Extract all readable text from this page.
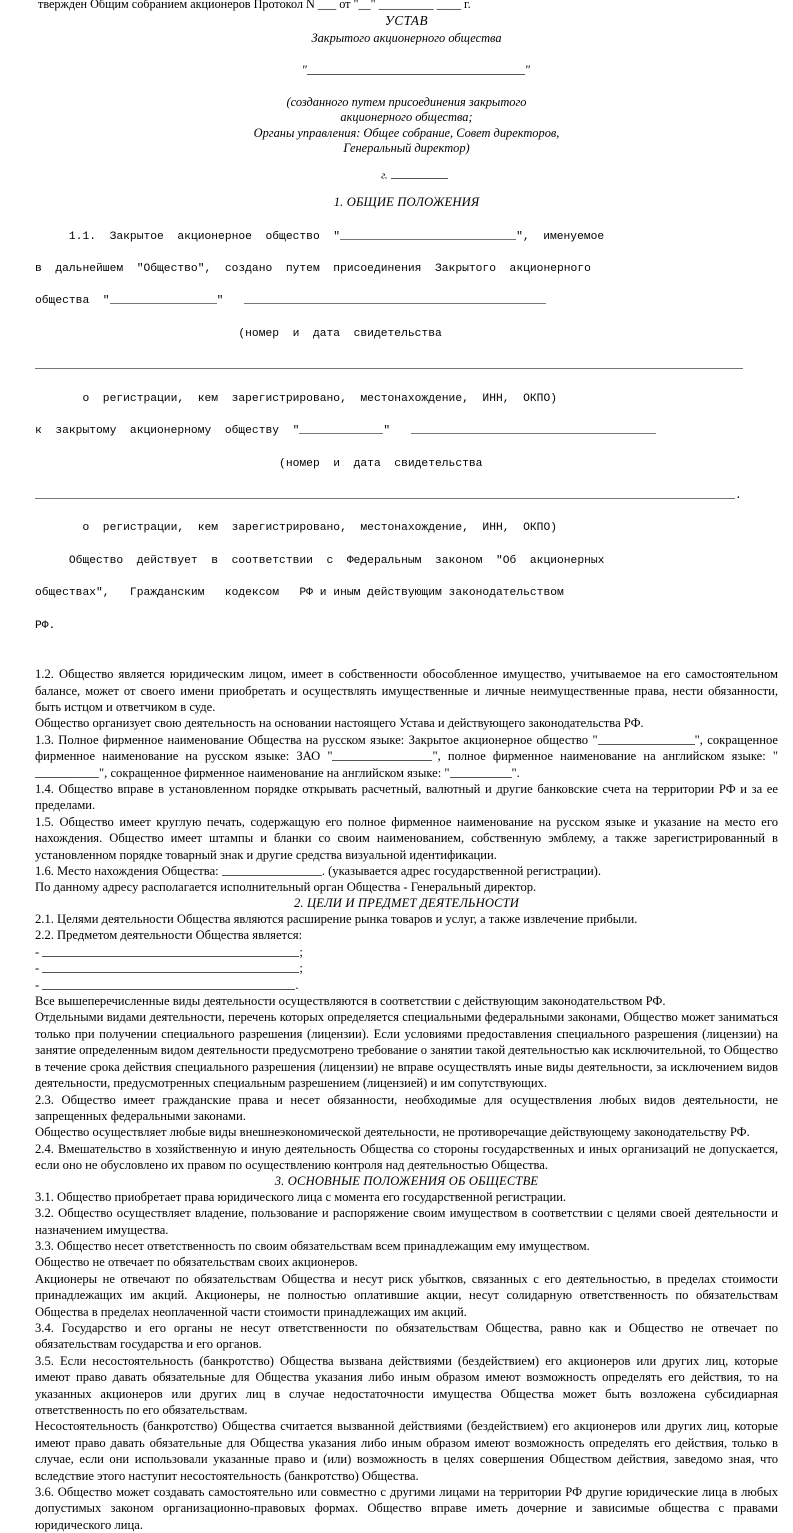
твержден Общим собранием акционеров Протокол N ___ от "__" _________ ____ г.
УСТАВ
Закрытого акционерного общества

"	"

(созданного путем присоединения закрытого
акционерного общества;
Органы управления: Общее собрание, Совет директоров,
Генеральный директор)

г.

1. ОБЩИЕ ПОЛОЖЕНИЯ

1.1.  Закрытое  акционерное  общество  "	",  именуемое

в  дальнейшем  "Общество",  создано  путем  присоединения  Закрытого  акционерного

общества  "	"

(номер  и  дата  свидетельства

о  регистрации,  кем  зарегистрировано,  местонахождение,  ИНН,  ОКПО)

к  закрытому  акционерному  обществу  "	"

(номер  и  дата  свидетельства

.

о  регистрации,  кем  зарегистрировано,  местонахождение,  ИНН,  ОКПО)

Общество  действует  в  соответствии  с  Федеральным  законом  "Об  акционерных

обществах",   Гражданским   кодексом   РФ и иным действующим законодательством

РФ.

1.2. Общество является юридическим лицом, имеет в собственности обособленное имущество, учитываемое на его самостоятельном балансе, может от своего имени приобретать и осуществлять имущественные и личные неимущественные права, нести обязанности, быть истцом и ответчиком в суде.

Общество организует свою деятельность на основании настоящего Устава и действующего законодательства РФ.

1.3. Полное фирменное наименование Общества на русском языке: Закрытое акционерное общество "	", сокращенное фирменное наименование на русском языке: ЗАО "	", полное фирменное наименование на английском языке: "", сокращенное фирменное наименование на английском языке: "	".

1.4. Общество вправе в установленном порядке открывать расчетный, валютный и другие банковские счета на территории РФ и за ее пределами.

1.5. Общество имеет круглую печать, содержащую его полное фирменное наименование на русском языке и указание на место его нахождения. Общество имеет штампы и бланки со своим наименованием, собственную эмблему, а также зарегистрированный в установленном порядке товарный знак и другие средства визуальной идентификации.

1.6. Место нахождения Общества:	. (указывается адрес государственной регистрации).

По данному адресу располагается исполнительный орган Общества - Генеральный директор.

2. ЦЕЛИ И ПРЕДМЕТ ДЕЯТЕЛЬНОСТИ

2.1. Целями деятельности Общества являются расширение рынка товаров и услуг, а также извлечение прибыли.

2.2. Предметом деятельности Общества является:

-	;
-	;
-	.

Все вышеперечисленные виды деятельности осуществляются в соответствии с действующим законодательством РФ.

Отдельными видами деятельности, перечень которых определяется специальными федеральными законами, Общество может заниматься только при получении специального разрешения (лицензии). Если условиями предоставления специального разрешения (лицензии) на занятие определенным видом деятельности предусмотрено требование о занятии такой деятельностью как исключительной, то Общество в течение срока действия специального разрешения (лицензии) не вправе осуществлять иные виды деятельности, за исключением видов деятельности, предусмотренных специальным разрешением (лицензией) и им сопутствующих.

2.3. Общество имеет гражданские права и несет обязанности, необходимые для осуществления любых видов деятельности, не запрещенных федеральными законами.

Общество осуществляет любые виды внешнеэкономической деятельности, не противоречащие действующему законодательству РФ.

2.4. Вмешательство в хозяйственную и иную деятельность Общества со стороны государственных и иных организаций не допускается, если оно не обусловлено их правом по осуществлению контроля над деятельностью Общества.

3. ОСНОВНЫЕ ПОЛОЖЕНИЯ ОБ ОБЩЕСТВЕ

3.1. Общество приобретает права юридического лица с момента его государственной регистрации.

3.2. Общество осуществляет владение, пользование и распоряжение своим имуществом в соответствии с целями своей деятельности и назначением имущества.

3.3. Общество несет ответственность по своим обязательствам всем принадлежащим ему имуществом.

Общество не отвечает по обязательствам своих акционеров.

Акционеры не отвечают по обязательствам Общества и несут риск убытков, связанных с его деятельностью, в пределах стоимости принадлежащих им акций. Акционеры, не полностью оплатившие акции, несут солидарную ответственность по обязательствам Общества в пределах неоплаченной части стоимости принадлежащих им акций.

3.4. Государство и его органы не несут ответственности по обязательствам Общества, равно как и Общество не отвечает по обязательствам государства и его органов.

3.5. Если несостоятельность (банкротство) Общества вызвана действиями (бездействием) его акционеров или других лиц, которые имеют право давать обязательные для Общества указания либо иным образом имеют возможность определять его действия, то на указанных акционеров или других лиц в случае недостаточности имущества Общества может быть возложена субсидиарная ответственность по его обязательствам.

Несостоятельность (банкротство) Общества считается вызванной действиями (бездействием) его акционеров или других лиц, которые имеют право давать обязательные для Общества указания либо иным образом имеют возможность определять его действия, только в случае, если они использовали указанные право и (или) возможность в целях совершения Обществом действия, заведомо зная, что вследствие этого наступит несостоятельность (банкротство) Общества.

3.6. Общество может создавать самостоятельно или совместно с другими лицами на территории РФ другие юридические лица в любых допустимых законом организационно-правовых формах. Общество вправе иметь дочерние и зависимые общества с правами юридического лица.
